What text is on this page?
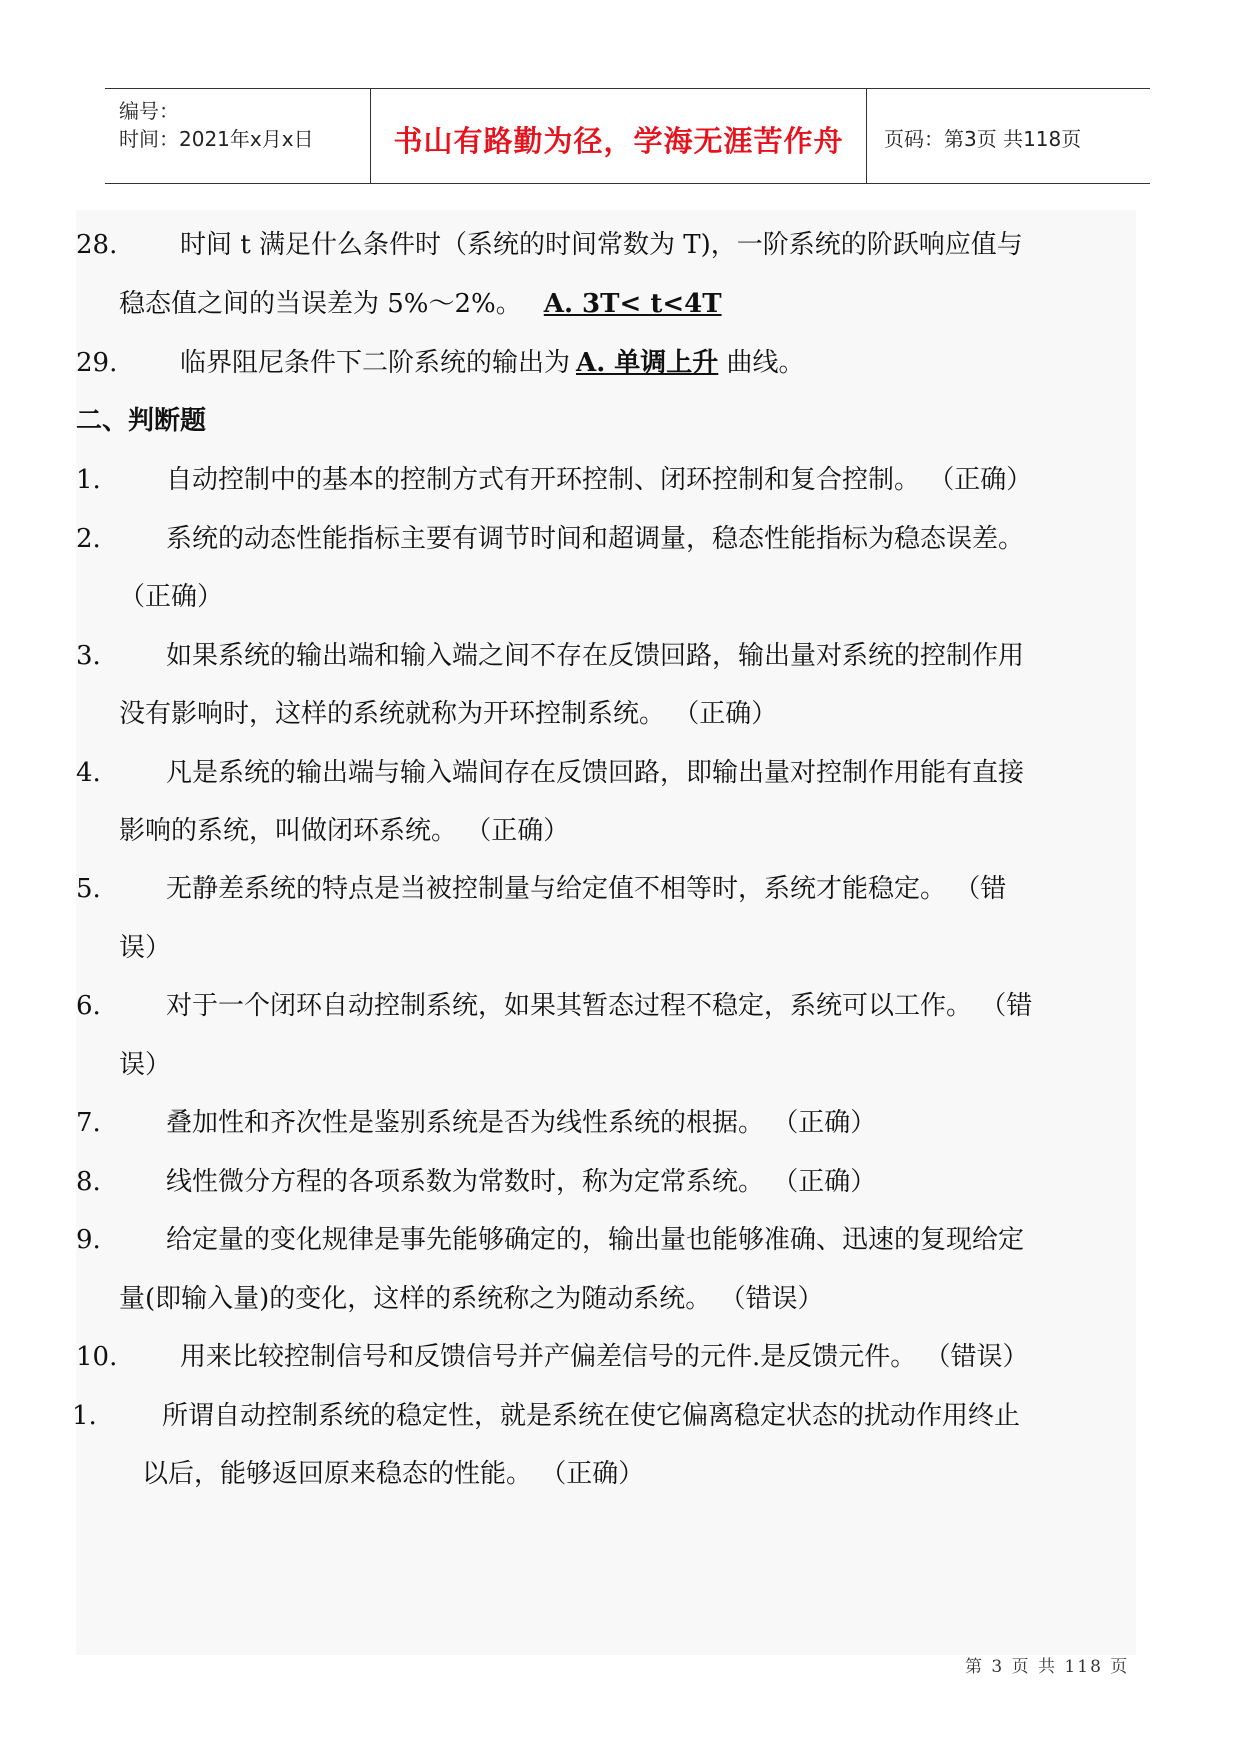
编号：
时间：2021年x月x日	书山有路勤为径，学海无涯苦作舟	页码：第3页 共118页
28. 时间 t 满足什么条件时（系统的时间常数为 T)，一阶系统的阶跃响应值与
稳态值之间的当误差为 5%～2%。 A. 3T< t<4T
29. 临界阻尼条件下二阶系统的输出为 A. 单调上升 曲线。
二、判断题
1.	自动控制中的基本的控制方式有开环控制、闭环控制和复合控制。 （正确）
2.	系统的动态性能指标主要有调节时间和超调量，稳态性能指标为稳态误差。
（正确）
3.	如果系统的输出端和输入端之间不存在反馈回路，输出量对系统的控制作用
没有影响时，这样的系统就称为开环控制系统。 （正确）
4.	凡是系统的输出端与输入端间存在反馈回路，即输出量对控制作用能有直接
影响的系统，叫做闭环系统。 （正确）
5.	无静差系统的特点是当被控制量与给定值不相等时，系统才能稳定。 （错
误）
6.	对于一个闭环自动控制系统，如果其暂态过程不稳定，系统可以工作。 （错
误）
7.	叠加性和齐次性是鉴别系统是否为线性系统的根据。 （正确）
8.	线性微分方程的各项系数为常数时，称为定常系统。 （正确）
9.	给定量的变化规律是事先能够确定的，输出量也能够准确、迅速的复现给定
量(即输入量)的变化，这样的系统称之为随动系统。 （错误）
10. 用来比较控制信号和反馈信号并产偏差信号的元件.是反馈元件。 （错误）
1.	所谓自动控制系统的稳定性，就是系统在使它偏离稳定状态的扰动作用终止
以后，能够返回原来稳态的性能。 （正确）
第 3 页 共 118 页
